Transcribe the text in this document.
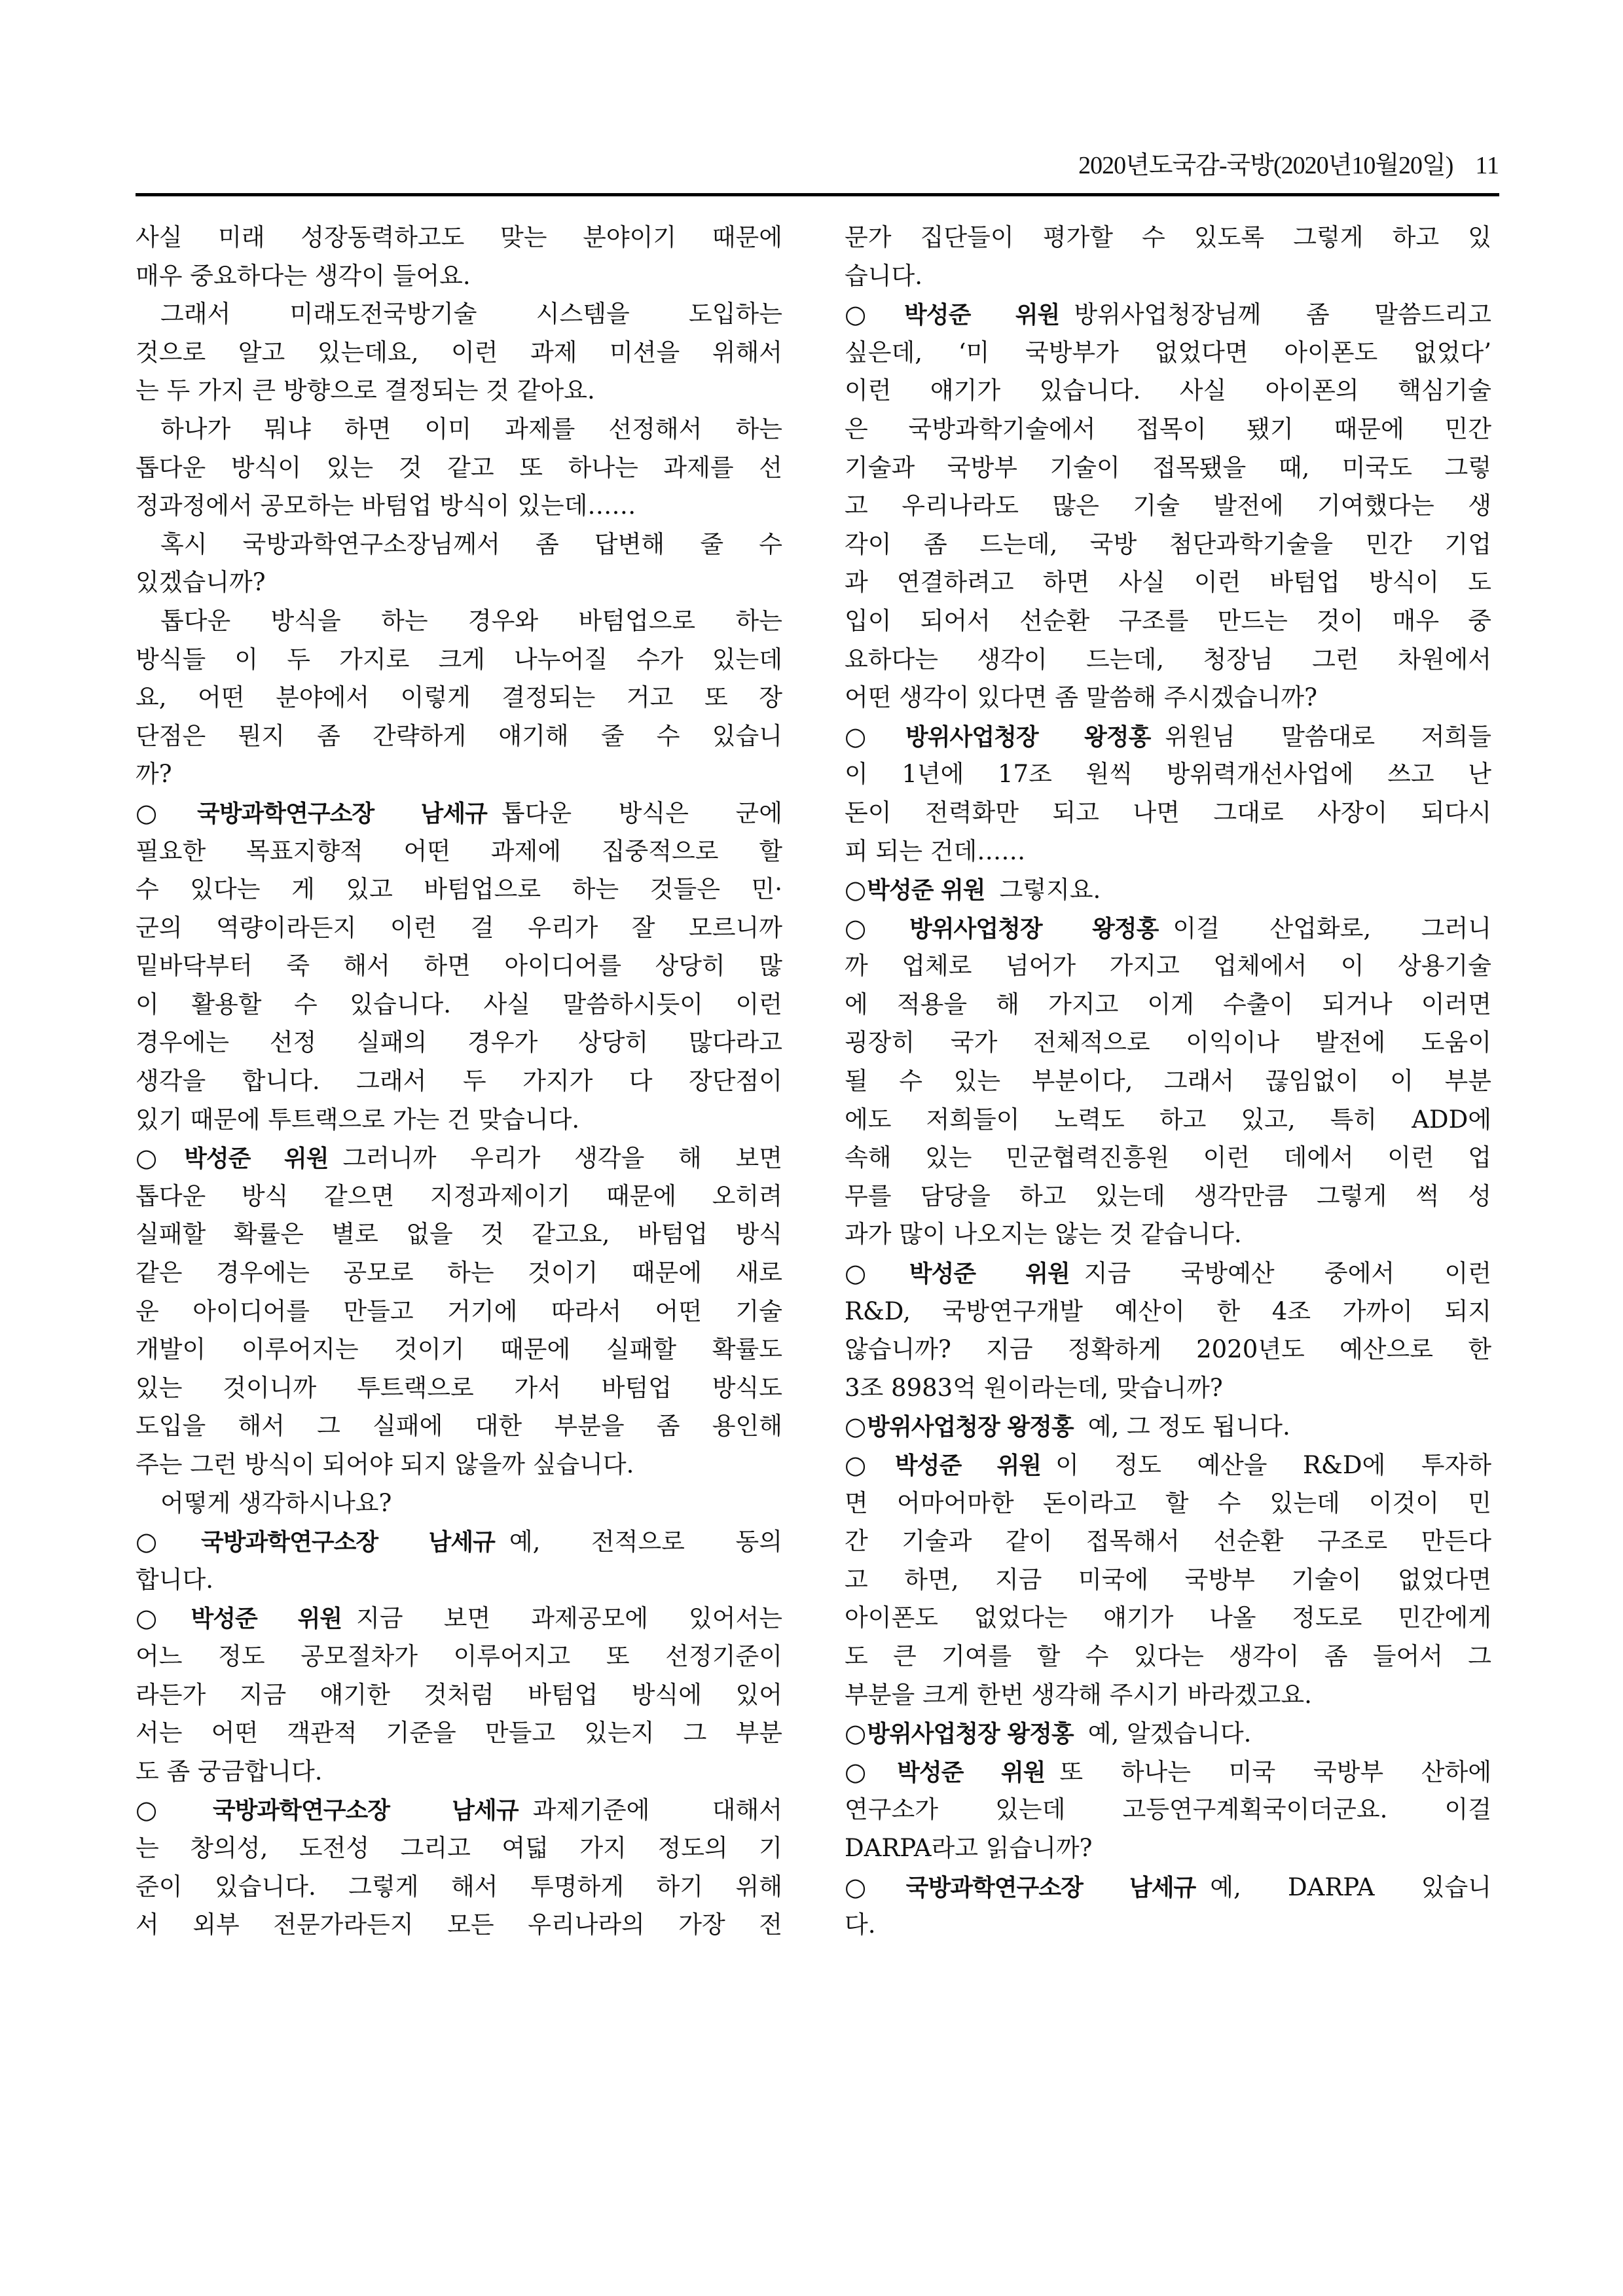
2020년도국감-국방(2020년10월20일) 11
사실 미래 성장동력하고도 맞는 분야이기 때문에
매우 중요하다는 생각이 들어요.
그래서 미래도전국방기술 시스템을 도입하는
것으로 알고 있는데요, 이런 과제 미션을 위해서
는 두 가지 큰 방향으로 결정되는 것 같아요.
하나가 뭐냐 하면 이미 과제를 선정해서 하는
톱다운 방식이 있는 것 같고 또 하나는 과제를 선
정과정에서 공모하는 바텀업 방식이 있는데……
혹시 국방과학연구소장님께서 좀 답변해 줄 수
있겠습니까?
톱다운 방식을 하는 경우와 바텀업으로 하는
방식들 이 두 가지로 크게 나누어질 수가 있는데
요, 어떤 분야에서 이렇게 결정되는 거고 또 장
단점은 뭔지 좀 간략하게 얘기해 줄 수 있습니
까?
○국방과학연구소장 남세규 톱다운 방식은 군에
필요한 목표지향적 어떤 과제에 집중적으로 할
수 있다는 게 있고 바텀업으로 하는 것들은 민·
군의 역량이라든지 이런 걸 우리가 잘 모르니까
밑바닥부터 죽 해서 하면 아이디어를 상당히 많
이 활용할 수 있습니다. 사실 말씀하시듯이 이런
경우에는 선정 실패의 경우가 상당히 많다라고
생각을 합니다. 그래서 두 가지가 다 장단점이
있기 때문에 투트랙으로 가는 건 맞습니다.
○박성준 위원 그러니까 우리가 생각을 해 보면
톱다운 방식 같으면 지정과제이기 때문에 오히려
실패할 확률은 별로 없을 것 같고요, 바텀업 방식
같은 경우에는 공모로 하는 것이기 때문에 새로
운 아이디어를 만들고 거기에 따라서 어떤 기술
개발이 이루어지는 것이기 때문에 실패할 확률도
있는 것이니까 투트랙으로 가서 바텀업 방식도
도입을 해서 그 실패에 대한 부분을 좀 용인해
주는 그런 방식이 되어야 되지 않을까 싶습니다.
어떻게 생각하시나요?
○국방과학연구소장 남세규 예, 전적으로 동의
합니다.
○박성준 위원 지금 보면 과제공모에 있어서는
어느 정도 공모절차가 이루어지고 또 선정기준이
라든가 지금 얘기한 것처럼 바텀업 방식에 있어
서는 어떤 객관적 기준을 만들고 있는지 그 부분
도 좀 궁금합니다.
○국방과학연구소장 남세규 과제기준에 대해서
는 창의성, 도전성 그리고 여덟 가지 정도의 기
준이 있습니다. 그렇게 해서 투명하게 하기 위해
서 외부 전문가라든지 모든 우리나라의 가장 전
문가 집단들이 평가할 수 있도록 그렇게 하고 있
습니다.
○박성준 위원 방위사업청장님께 좀 말씀드리고
싶은데, ‘미 국방부가 없었다면 아이폰도 없었다’
이런 얘기가 있습니다. 사실 아이폰의 핵심기술
은 국방과학기술에서 접목이 됐기 때문에 민간
기술과 국방부 기술이 접목됐을 때, 미국도 그렇
고 우리나라도 많은 기술 발전에 기여했다는 생
각이 좀 드는데, 국방 첨단과학기술을 민간 기업
과 연결하려고 하면 사실 이런 바텀업 방식이 도
입이 되어서 선순환 구조를 만드는 것이 매우 중
요하다는 생각이 드는데, 청장님 그런 차원에서
어떤 생각이 있다면 좀 말씀해 주시겠습니까?
○방위사업청장 왕정홍 위원님 말씀대로 저희들
이 1년에 17조 원씩 방위력개선사업에 쓰고 난
돈이 전력화만 되고 나면 그대로 사장이 되다시
피 되는 건데……
○박성준 위원 그렇지요.
○방위사업청장 왕정홍 이걸 산업화로, 그러니
까 업체로 넘어가 가지고 업체에서 이 상용기술
에 적용을 해 가지고 이게 수출이 되거나 이러면
굉장히 국가 전체적으로 이익이나 발전에 도움이
될 수 있는 부분이다, 그래서 끊임없이 이 부분
에도 저희들이 노력도 하고 있고, 특히 ADD에
속해 있는 민군협력진흥원 이런 데에서 이런 업
무를 담당을 하고 있는데 생각만큼 그렇게 썩 성
과가 많이 나오지는 않는 것 같습니다.
○박성준 위원 지금 국방예산 중에서 이런
R&D, 국방연구개발 예산이 한 4조 가까이 되지
않습니까? 지금 정확하게 2020년도 예산으로 한
3조 8983억 원이라는데, 맞습니까?
○방위사업청장 왕정홍 예, 그 정도 됩니다.
○박성준 위원 이 정도 예산을 R&D에 투자하
면 어마어마한 돈이라고 할 수 있는데 이것이 민
간 기술과 같이 접목해서 선순환 구조로 만든다
고 하면, 지금 미국에 국방부 기술이 없었다면
아이폰도 없었다는 얘기가 나올 정도로 민간에게
도 큰 기여를 할 수 있다는 생각이 좀 들어서 그
부분을 크게 한번 생각해 주시기 바라겠고요.
○방위사업청장 왕정홍 예, 알겠습니다.
○박성준 위원 또 하나는 미국 국방부 산하에
연구소가 있는데 고등연구계획국이더군요. 이걸
DARPA라고 읽습니까?
○국방과학연구소장 남세규 예, DARPA 있습니
다.
